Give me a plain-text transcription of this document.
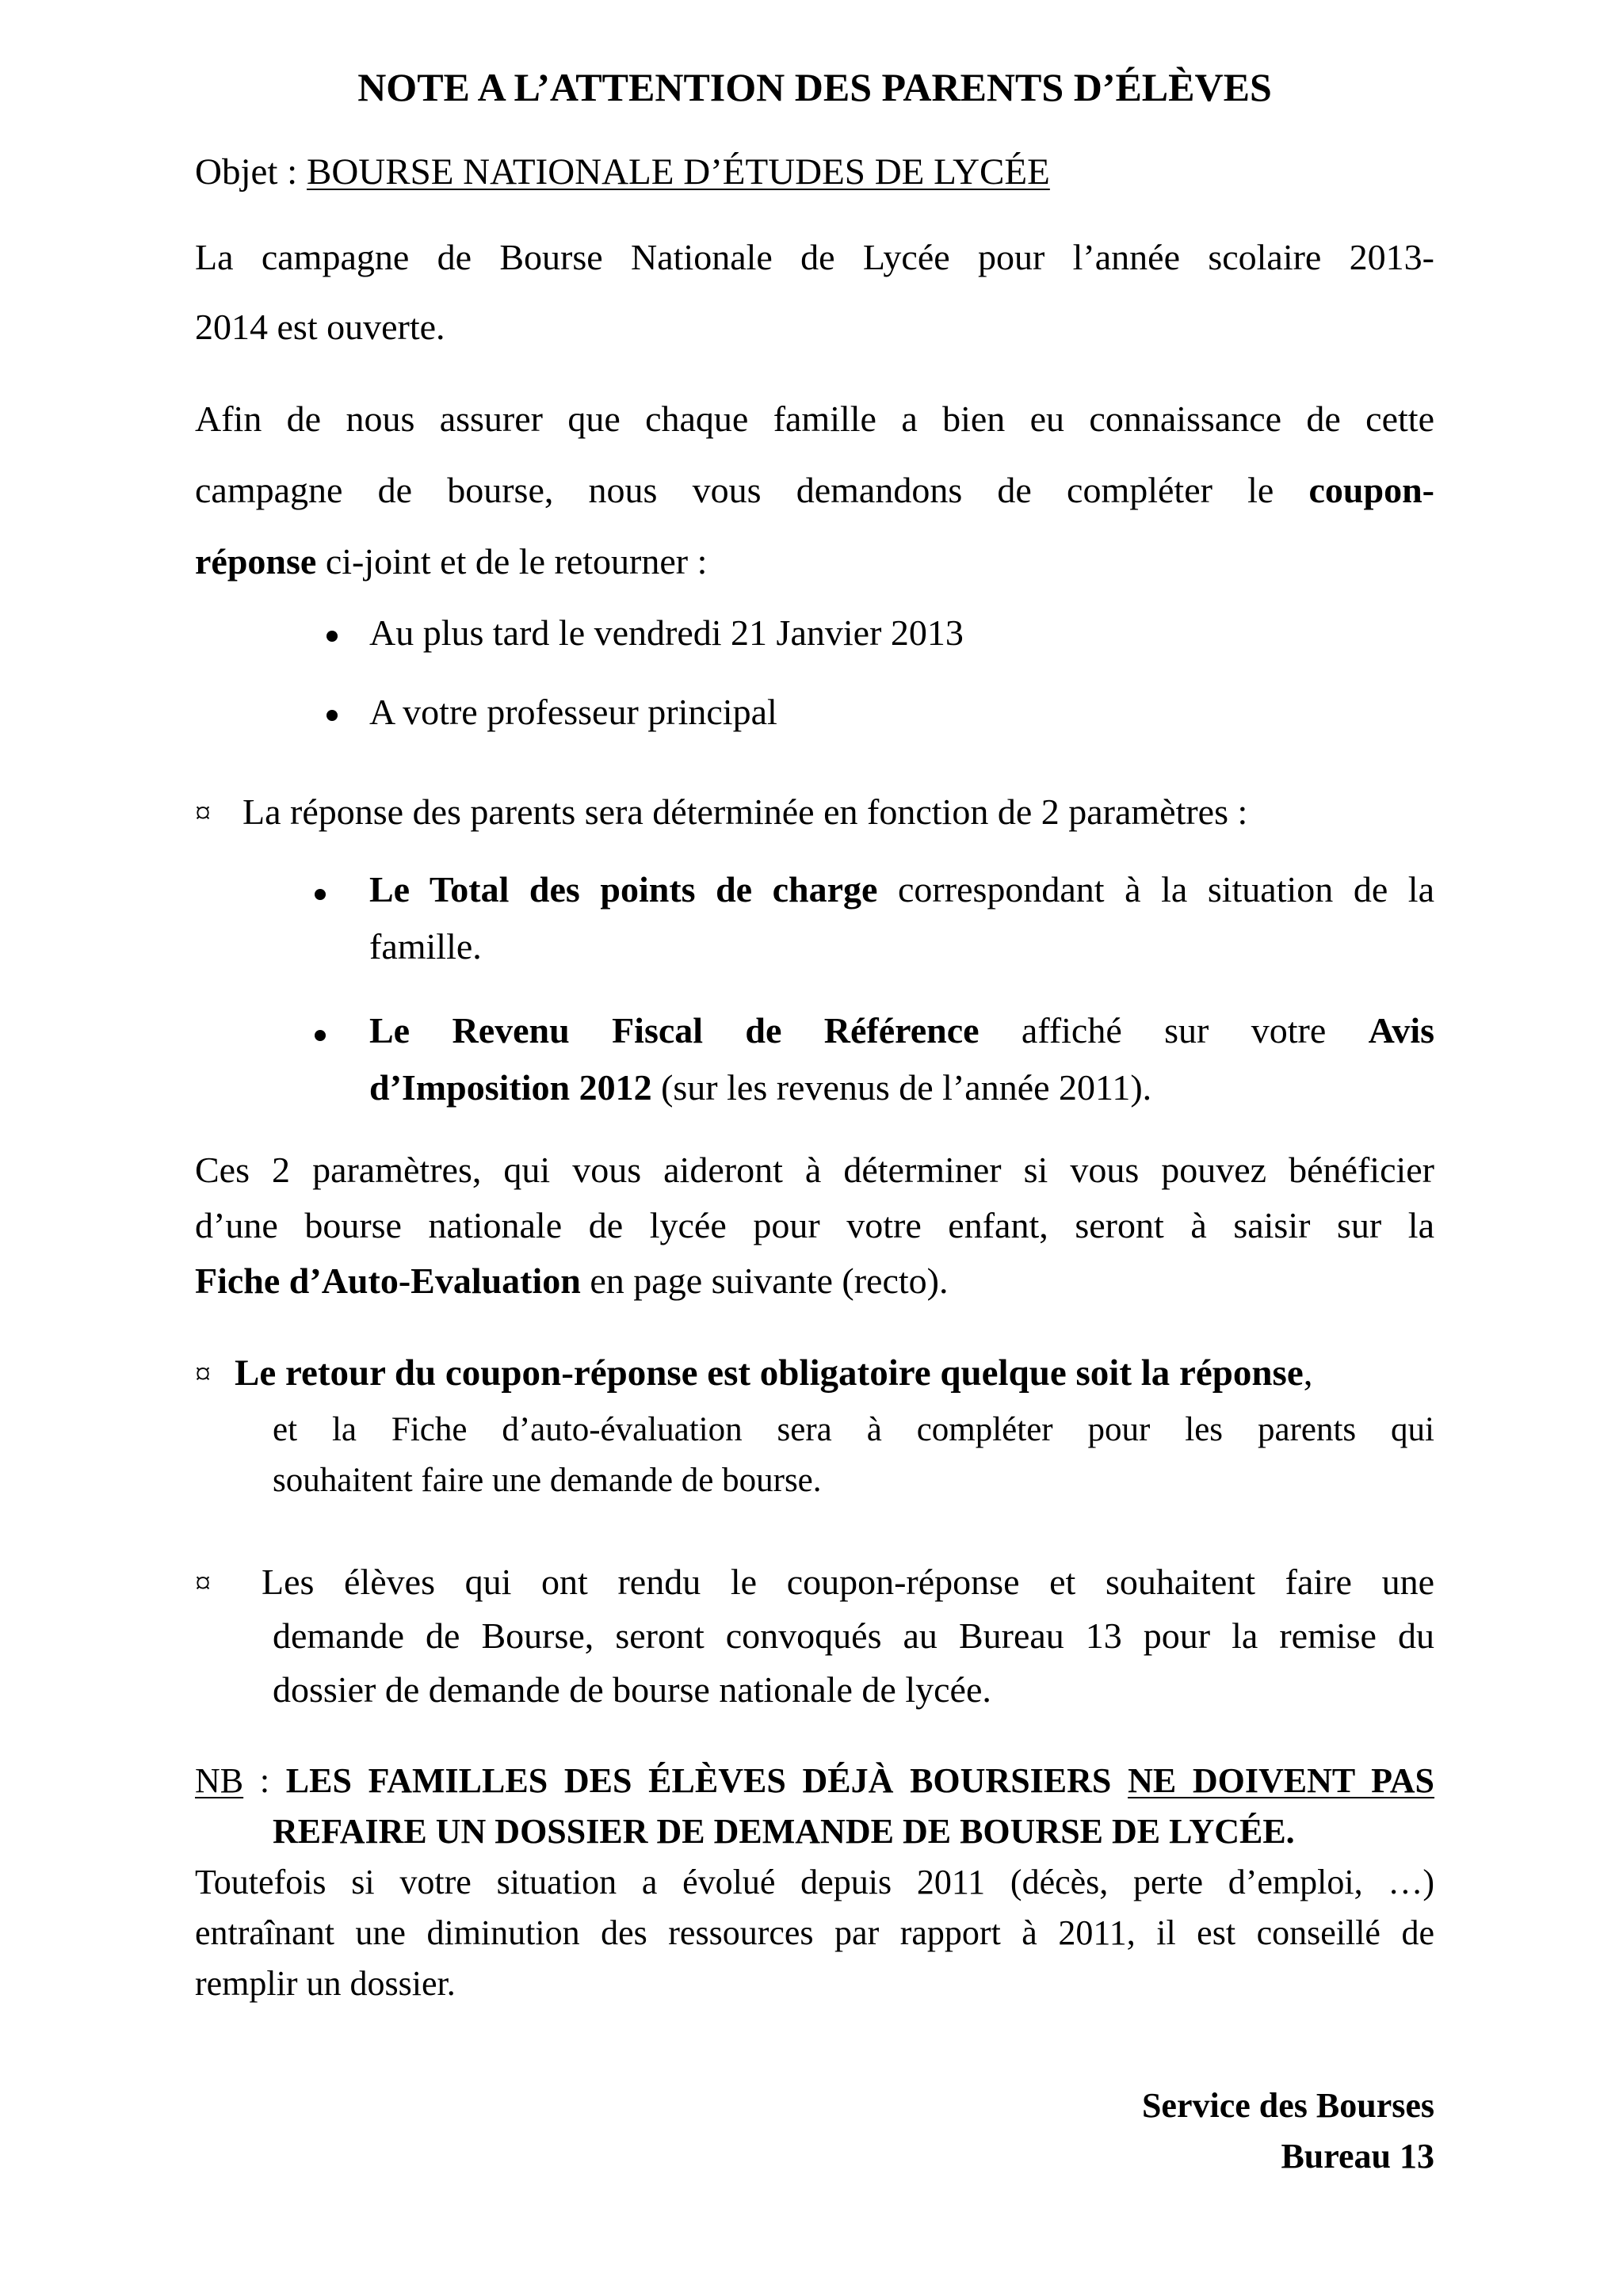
NOTE A L’ATTENTION DES PARENTS D’ÉLÈVES
Objet : BOURSE NATIONALE D’ÉTUDES DE LYCÉE
La campagne de Bourse Nationale de Lycée pour l’année scolaire 2013-
2014 est ouverte.
Afin de nous assurer que chaque famille a bien eu connaissance de cette
campagne de bourse, nous vous demandons de compléter le coupon-
réponse ci-joint et de le retourner :
Au plus tard le vendredi 21 Janvier 2013
A votre professeur principal
¤ La réponse des parents sera déterminée en fonction de 2 paramètres :
Le Total des points de charge correspondant à la situation de la
famille.
Le Revenu Fiscal de Référence affiché sur votre Avis
d’Imposition 2012 (sur les revenus de l’année 2011).
Ces 2 paramètres, qui vous aideront à déterminer si vous pouvez bénéficier
d’une bourse nationale de lycée pour votre enfant, seront à saisir sur la
Fiche d’Auto-Evaluation en page suivante (recto).
¤ Le retour du coupon-réponse est obligatoire quelque soit la réponse,
et la Fiche d’auto-évaluation sera à compléter pour les parents qui
souhaitent faire une demande de bourse.
¤ Les élèves qui ont rendu le coupon-réponse et souhaitent faire une
demande de Bourse, seront convoqués au Bureau 13 pour la remise du
dossier de demande de bourse nationale de lycée.
NB : LES FAMILLES DES ÉLÈVES DÉJÀ BOURSIERS NE DOIVENT PAS
REFAIRE UN DOSSIER DE DEMANDE DE BOURSE DE LYCÉE.
Toutefois si votre situation a évolué depuis 2011 (décès, perte d’emploi, …)
entraînant une diminution des ressources par rapport à 2011, il est conseillé de
remplir un dossier.
Service des Bourses
Bureau 13
